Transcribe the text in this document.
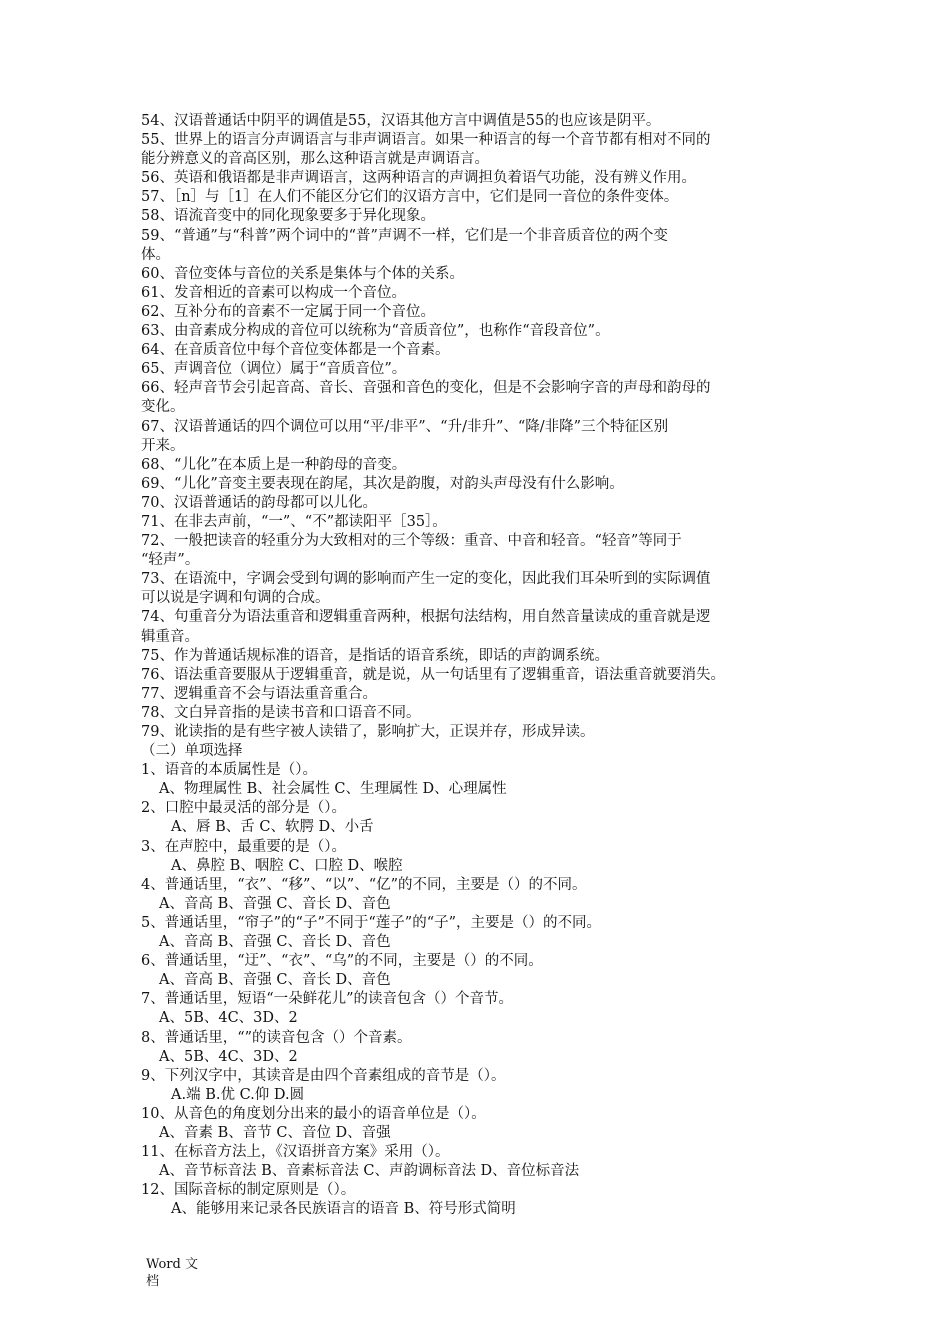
54、汉语普通话中阴平的调值是55，汉语其他方言中调值是55的也应该是阴平。
55、世界上的语言分声调语言与非声调语言。如果一种语言的每一个音节都有相对不同的
能分辨意义的音高区别，那么这种语言就是声调语言。
56、英语和俄语都是非声调语言，这两种语言的声调担负着语气功能，没有辨义作用。
57、［n］与［1］在人们不能区分它们的汉语方言中，它们是同一音位的条件变体。
58、语流音变中的同化现象要多于异化现象。
59、“普通”与“科普”两个词中的“普”声调不一样，它们是一个非音质音位的两个变
体。
60、音位变体与音位的关系是集体与个体的关系。
61、发音相近的音素可以构成一个音位。
62、互补分布的音素不一定属于同一个音位。
63、由音素成分构成的音位可以统称为“音质音位”，也称作“音段音位”。
64、在音质音位中每个音位变体都是一个音素。
65、声调音位（调位）属于“音质音位”。
66、轻声音节会引起音高、音长、音强和音色的变化，但是不会影响字音的声母和韵母的
变化。
67、汉语普通话的四个调位可以用“平/非平”、“升/非升”、“降/非降”三个特征区别
开来。
68、“儿化”在本质上是一种韵母的音变。
69、“儿化”音变主要表现在韵尾，其次是韵腹，对韵头声母没有什么影响。
70、汉语普通话的韵母都可以儿化。
71、在非去声前，“一”、“不”都读阳平［35］。
72、一般把读音的轻重分为大致相对的三个等级：重音、中音和轻音。“轻音”等同于
“轻声”。
73、在语流中，字调会受到句调的影响而产生一定的变化，因此我们耳朵听到的实际调值
可以说是字调和句调的合成。
74、句重音分为语法重音和逻辑重音两种，根据句法结构，用自然音量读成的重音就是逻
辑重音。
75、作为普通话规标准的语音，是指话的语音系统，即话的声韵调系统。
76、语法重音要服从于逻辑重音，就是说，从一句话里有了逻辑重音，语法重音就要消失。
77、逻辑重音不会与语法重音重合。
78、文白异音指的是读书音和口语音不同。
79、讹读指的是有些字被人读错了，影响扩大，正误并存，形成异读。
（二）单项选择
1、语音的本质属性是（）。
A、物理属性 B、社会属性 C、生理属性 D、心理属性
2、口腔中最灵活的部分是（）。
A、唇 B、舌 C、软腭 D、小舌
3、在声腔中，最重要的是（）。
A、鼻腔 B、咽腔 C、口腔 D、喉腔
4、普通话里，“衣”、“移”、“以”、“亿”的不同，主要是（）的不同。
A、音高 B、音强 C、音长 D、音色
5、普通话里，“帘子”的“子”不同于“莲子”的“子”，主要是（）的不同。
A、音高 B、音强 C、音长 D、音色
6、普通话里，“迂”、“衣”、“乌”的不同，主要是（）的不同。
A、音高 B、音强 C、音长 D、音色
7、普通话里，短语“一朵鲜花儿”的读音包含（）个音节。
A、5B、4C、3D、2
8、普通话里，“”的读音包含（）个音素。
A、5B、4C、3D、2
9、下列汉字中，其读音是由四个音素组成的音节是（）。
A.端 B.优 C.仰 D.圆
10、从音色的角度划分出来的最小的语音单位是（）。
A、音素 B、音节 C、音位 D、音强
11、在标音方法上，《汉语拼音方案》采用（）。
A、音节标音法 B、音素标音法 C、声韵调标音法 D、音位标音法
12、国际音标的制定原则是（）。
A、能够用来记录各民族语言的语音 B、符号形式简明
Word 文
档
